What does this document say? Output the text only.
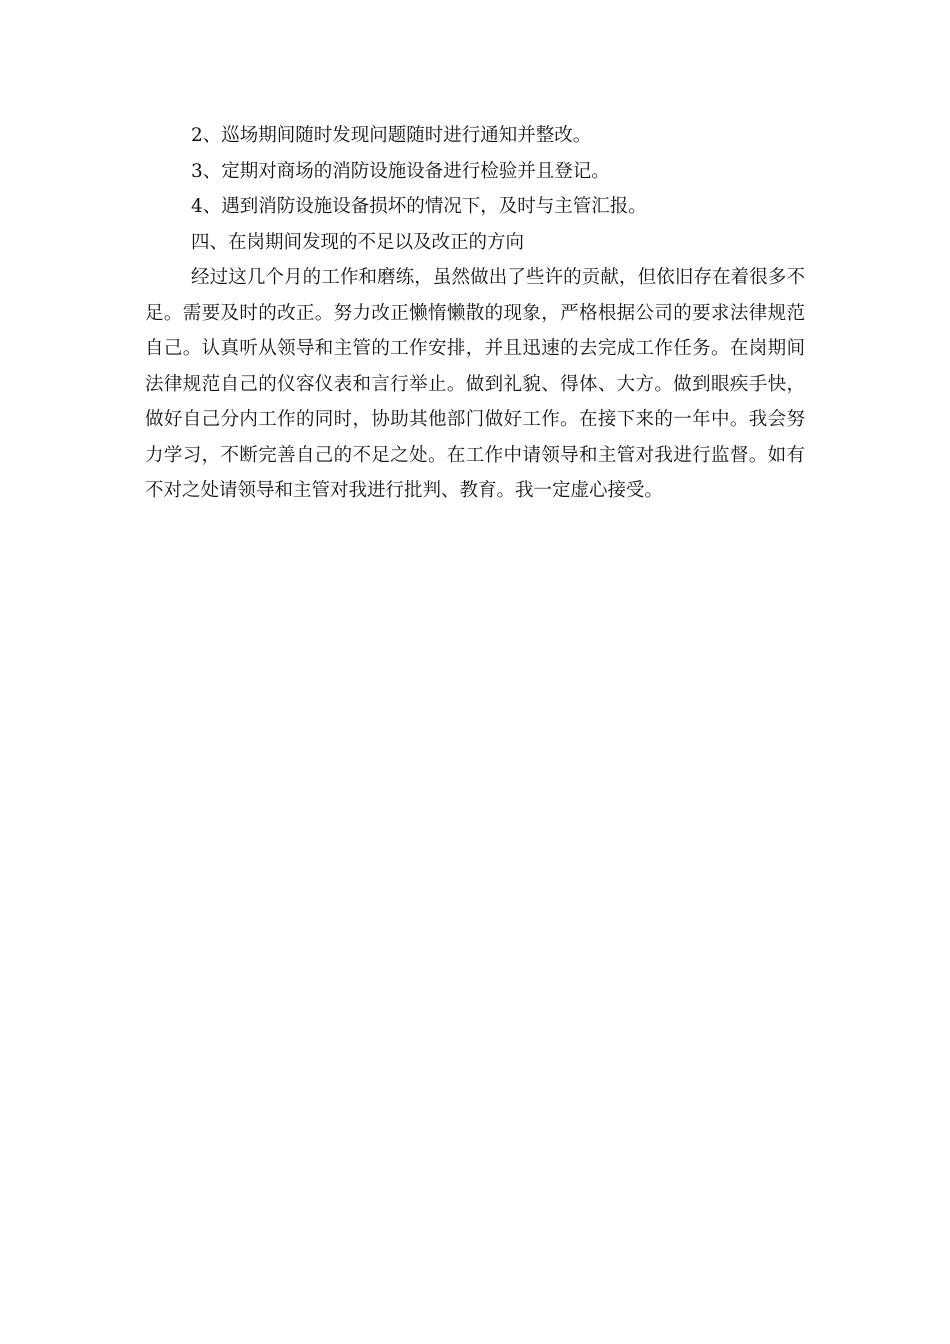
2、巡场期间随时发现问题随时进行通知并整改。

3、定期对商场的消防设施设备进行检验并且登记。

4、遇到消防设施设备损坏的情况下，及时与主管汇报。

四、在岗期间发现的不足以及改正的方向

经过这几个月的工作和磨练，虽然做出了些许的贡献，但依旧存在着很多不足。需要及时的改正。努力改正懒惰懒散的现象，严格根据公司的要求法律规范自己。认真听从领导和主管的工作安排，并且迅速的去完成工作任务。在岗期间法律规范自己的仪容仪表和言行举止。做到礼貌、得体、大方。做到眼疾手快，做好自己分内工作的同时，协助其他部门做好工作。在接下来的一年中。我会努力学习，不断完善自己的不足之处。在工作中请领导和主管对我进行监督。如有不对之处请领导和主管对我进行批判、教育。我一定虚心接受。
